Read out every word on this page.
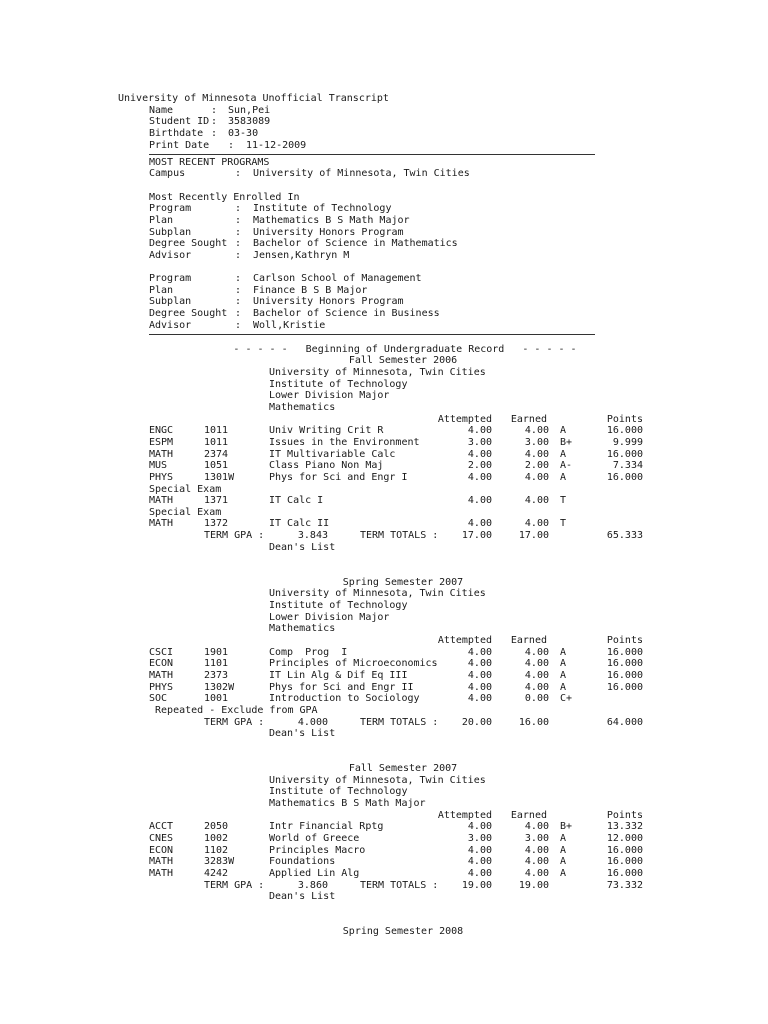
University of Minnesota Unofficial Transcript
Name	: Sun,Pei
Student ID : 3583089
Birthdate : 03-30
Print Date : 11-12-2009
MOST RECENT PROGRAMS
Campus	: University of Minnesota, Twin Cities
Most Recently Enrolled In
Program	: Institute of Technology
Plan	: Mathematics B S Math Major
Subplan	: University Honors Program
Degree Sought : Bachelor of Science in Mathematics
Advisor	: Jensen,Kathryn M
Program	: Carlson School of Management
Plan	: Finance B S B Major
Subplan	: University Honors Program
Degree Sought : Bachelor of Science in Business
Advisor	: Woll,Kristie
- - - - -   Beginning of Undergraduate Record   - - - - -
Fall Semester 2006
University of Minnesota, Twin Cities
Institute of Technology
Lower Division Major
Mathematics
Attempted Earned	Points
ENGC	1011	Univ Writing Crit R	4.00	4.00 A	16.000
ESPM	1011	Issues in the Environment	3.00	3.00 B+	9.999
MATH	2374	IT Multivariable Calc	4.00	4.00 A	16.000
MUS	1051	Class Piano Non Maj	2.00	2.00 A-	7.334
PHYS	1301W	Phys for Sci and Engr I	4.00	4.00 A	16.000
Special Exam
MATH	1371	IT Calc I	4.00	4.00 T
Special Exam
MATH	1372	IT Calc II	4.00	4.00 T
TERM GPA :	3.843	TERM TOTALS : 17.00	17.00	65.333
Dean's List
Spring Semester 2007
University of Minnesota, Twin Cities
Institute of Technology
Lower Division Major
Mathematics
Attempted Earned	Points
CSCI	1901	Comp  Prog  I	4.00	4.00 A	16.000
ECON	1101	Principles of Microeconomics	4.00	4.00 A	16.000
MATH	2373	IT Lin Alg & Dif Eq III	4.00	4.00 A	16.000
PHYS	1302W	Phys for Sci and Engr II	4.00	4.00 A	16.000
SOC	1001	Introduction to Sociology	4.00	0.00 C+
Repeated - Exclude from GPA
TERM GPA :	4.000	TERM TOTALS : 20.00	16.00	64.000
Dean's List
Fall Semester 2007
University of Minnesota, Twin Cities
Institute of Technology
Mathematics B S Math Major
Attempted Earned	Points
ACCT	2050	Intr Financial Rptg	4.00	4.00 B+	13.332
CNES	1002	World of Greece	3.00	3.00 A	12.000
ECON	1102	Principles Macro	4.00	4.00 A	16.000
MATH	3283W	Foundations	4.00	4.00 A	16.000
MATH	4242	Applied Lin Alg	4.00	4.00 A	16.000
TERM GPA :	3.860	TERM TOTALS : 19.00	19.00	73.332
Dean's List
Spring Semester 2008
